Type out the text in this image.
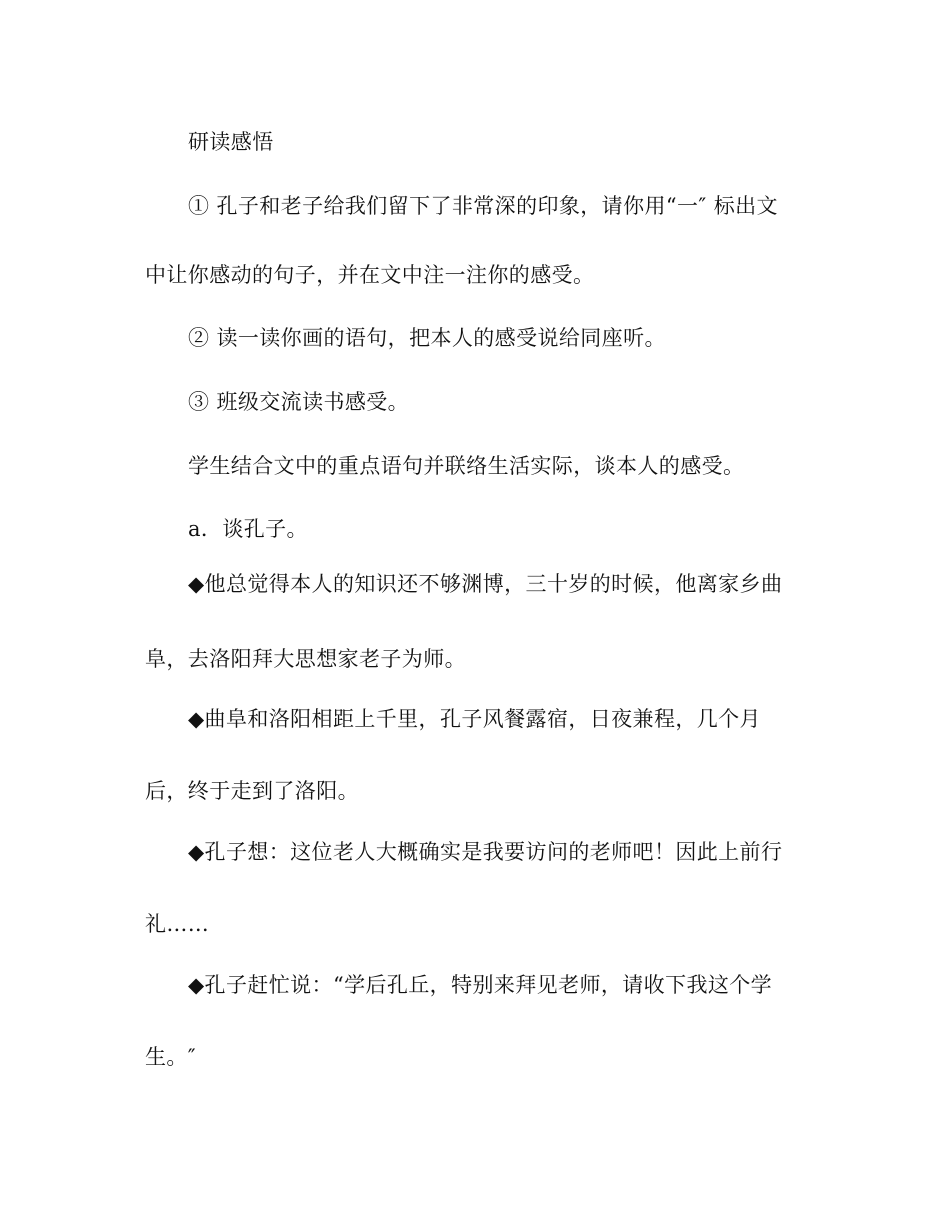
研读感悟
① 孔子和老子给我们留下了非常深的印象，请你用“一″ 标出文
中让你感动的句子，并在文中注一注你的感受。
② 读一读你画的语句，把本人的感受说给同座听。
③ 班级交流读书感受。
学生结合文中的重点语句并联络生活实际，谈本人的感受。
a．谈孔子。
◆他总觉得本人的知识还不够渊博，三十岁的时候，他离家乡曲
阜，去洛阳拜大思想家老子为师。
◆曲阜和洛阳相距上千里，孔子风餐露宿，日夜兼程，几个月
后，终于走到了洛阳。
◆孔子想：这位老人大概确实是我要访问的老师吧！因此上前行
礼……
◆孔子赶忙说：“学后孔丘，特别来拜见老师，请收下我这个学
生。″
